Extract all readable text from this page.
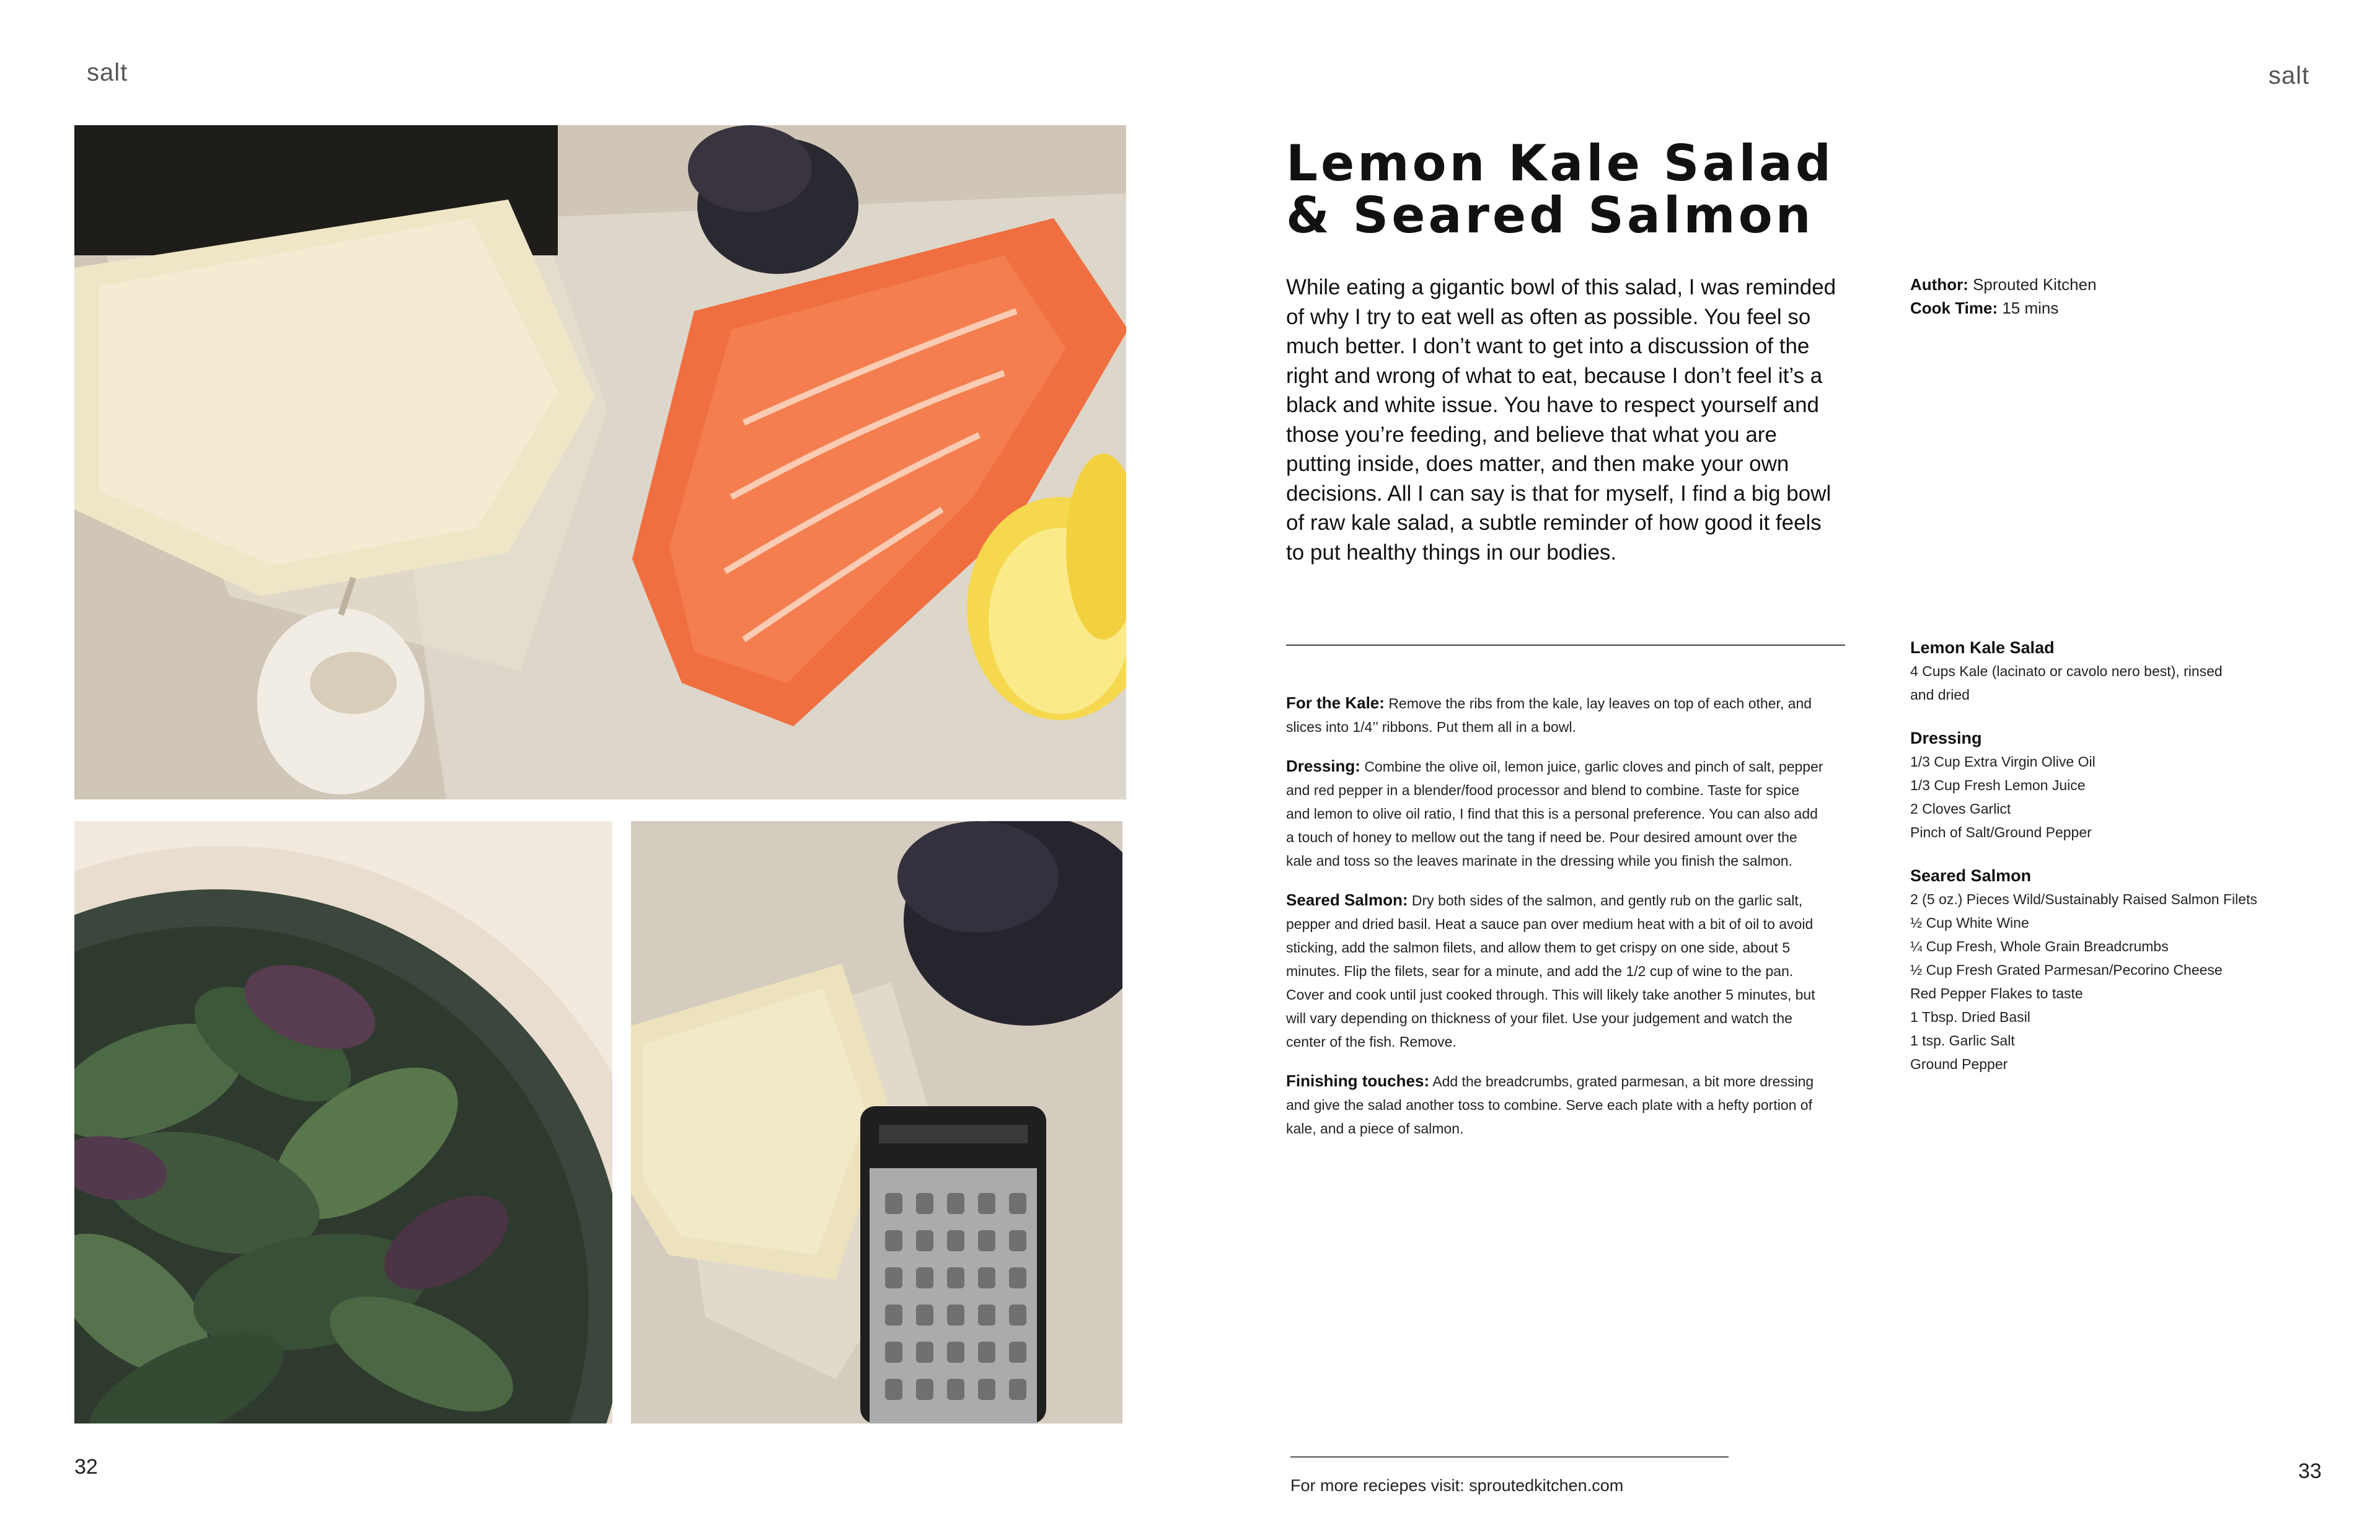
salt
32
salt
Lemon Kale Salad
& Seared Salmon

While eating a gigantic bowl of this salad, I was reminded of why I try to eat well as often as possible. You feel so much better. I don’t want to get into a discussion of the right and wrong of what to eat, because I don’t feel it’s a black and white issue. You have to respect yourself and those you’re feeding, and believe that what you are putting inside, does matter, and then make your own decisions. All I can say is that for myself, I find a big bowl of raw kale salad, a subtle reminder of how good it feels to put healthy things in our bodies.

Author: Sprouted Kitchen
Cook Time: 15 mins

For the Kale: Remove the ribs from the kale, lay leaves on top of each other, and slices into 1/4’’ ribbons. Put them all in a bowl.

Dressing: Combine the olive oil, lemon juice, garlic cloves and pinch of salt, pepper and red pepper in a blender/food processor and blend to combine. Taste for spice and lemon to olive oil ratio, I find that this is a personal preference. You can also add a touch of honey to mellow out the tang if need be. Pour desired amount over the kale and toss so the leaves marinate in the dressing while you finish the salmon.

Seared Salmon: Dry both sides of the salmon, and gently rub on the garlic salt, pepper and dried basil. Heat a sauce pan over medium heat with a bit of oil to avoid sticking, add the salmon filets, and allow them to get crispy on one side, about 5 minutes. Flip the filets, sear for a minute, and add the 1/2 cup of wine to the pan. Cover and cook until just cooked through. This will likely take another 5 minutes, but will vary depending on thickness of your filet. Use your judgement and watch the center of the fish. Remove.

Finishing touches: Add the breadcrumbs, grated parmesan, a bit more dressing and give the salad another toss to combine. Serve each plate with a hefty portion of kale, and a piece of salmon.

Lemon Kale Salad
4 Cups Kale (lacinato or cavolo nero best), rinsed
and dried
Dressing
1/3 Cup Extra Virgin Olive Oil
1/3 Cup Fresh Lemon Juice
2 Cloves Garlict
Pinch of Salt/Ground Pepper
Seared Salmon
2 (5 oz.) Pieces Wild/Sustainably Raised Salmon Filets
½ Cup White Wine
¼ Cup Fresh, Whole Grain Breadcrumbs
½ Cup Fresh Grated Parmesan/Pecorino Cheese
Red Pepper Flakes to taste
1 Tbsp. Dried Basil
1 tsp. Garlic Salt
Ground Pepper
For more reciepes visit: sproutedkitchen.com
33
